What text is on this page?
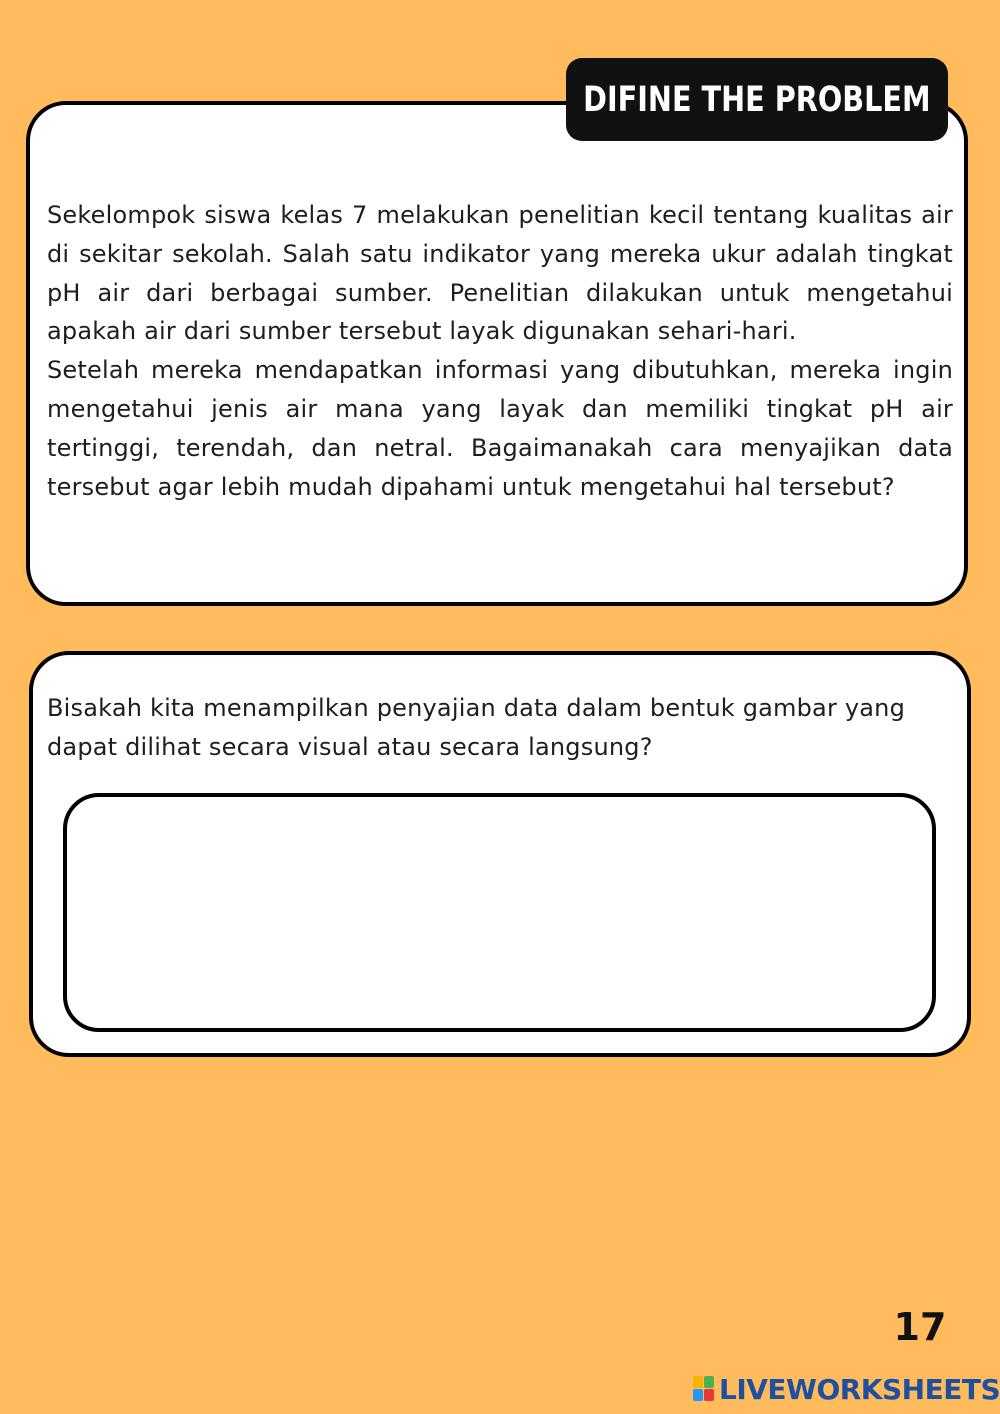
DIFINE THE PROBLEM

Sekelompok siswa kelas 7 melakukan penelitian kecil tentang kualitas air di sekitar sekolah. Salah satu indikator yang mereka ukur adalah tingkat pH air dari berbagai sumber. Penelitian dilakukan untuk mengetahui apakah air dari sumber tersebut layak digunakan sehari-hari.

Setelah mereka mendapatkan informasi yang dibutuhkan, mereka ingin mengetahui jenis air mana yang layak dan memiliki tingkat pH air tertinggi, terendah, dan netral. Bagaimanakah cara menyajikan data tersebut agar lebih mudah dipahami untuk mengetahui hal tersebut?

Bisakah kita menampilkan penyajian data dalam bentuk gambar yang dapat dilihat secara visual atau secara langsung?

17
LIVEWORKSHEETS
